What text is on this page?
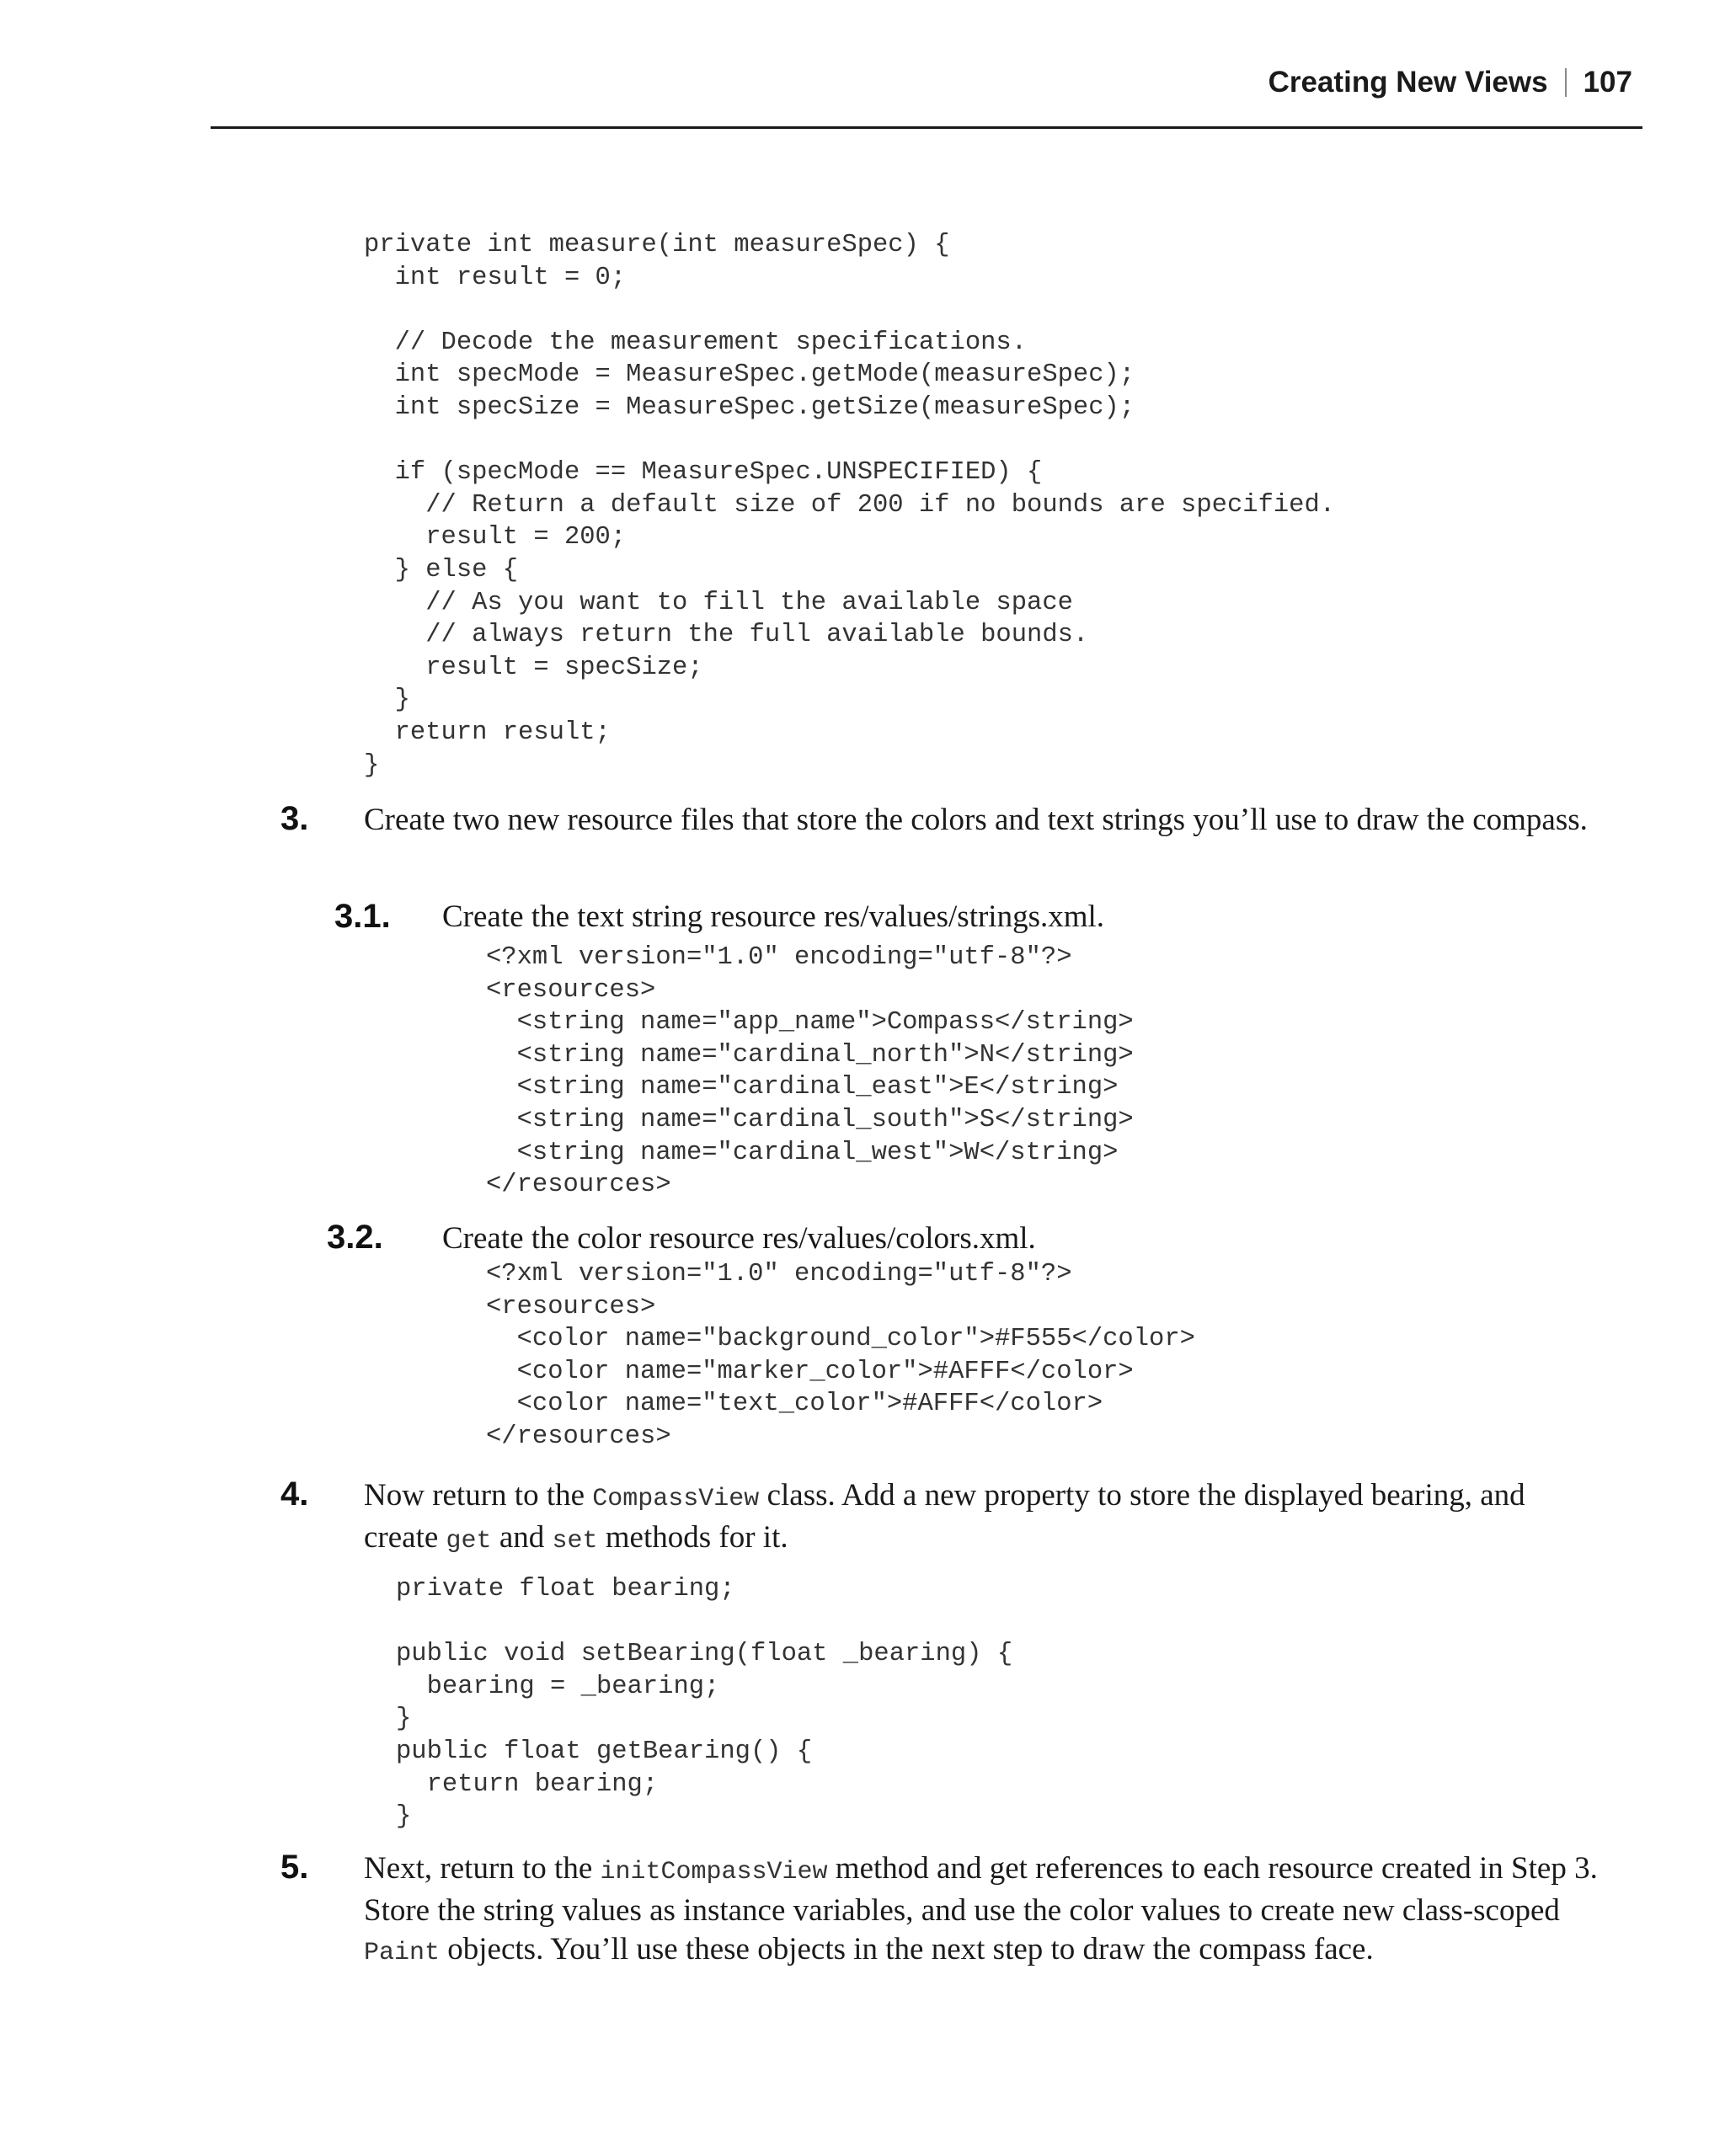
Creating New Views 107
private int measure(int measureSpec) {
int result = 0;

// Decode the measurement specifications.
int specMode = MeasureSpec.getMode(measureSpec);
int specSize = MeasureSpec.getSize(measureSpec);

if (specMode == MeasureSpec.UNSPECIFIED) {
// Return a default size of 200 if no bounds are specified.
result = 200;
} else {
// As you want to fill the available space
// always return the full available bounds.
result = specSize;
}
return result;
}
3. Create two new resource files that store the colors and text strings you’ll use to draw the compass.
3.1. Create the text string resource res/values/strings.xml.
<?xml version="1.0" encoding="utf-8"?>
<resources>
<string name="app_name">Compass</string>
<string name="cardinal_north">N</string>
<string name="cardinal_east">E</string>
<string name="cardinal_south">S</string>
<string name="cardinal_west">W</string>
</resources>
3.2. Create the color resource res/values/colors.xml.
<?xml version="1.0" encoding="utf-8"?>
<resources>
<color name="background_color">#F555</color>
<color name="marker_color">#AFFF</color>
<color name="text_color">#AFFF</color>
</resources>
4. Now return to the CompassView class. Add a new property to store the displayed bearing, and create get and set methods for it.
private float bearing;

public void setBearing(float _bearing) {
bearing = _bearing;
}
public float getBearing() {
return bearing;
}
5. Next, return to the initCompassView method and get references to each resource created in Step 3. Store the string values as instance variables, and use the color values to create new class-scoped Paint objects. You’ll use these objects in the next step to draw the compass face.
